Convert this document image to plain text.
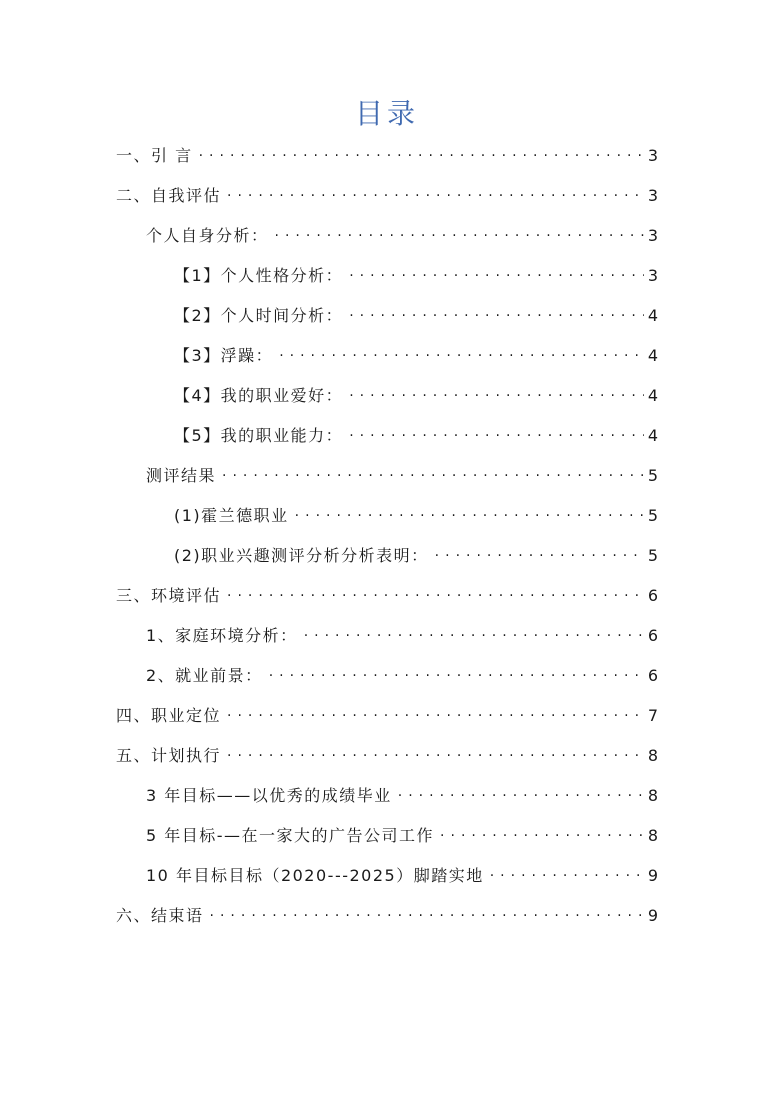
目录
一、引 言 ·····	3
二、自我评估 ·····	3
个人自身分析： ·····	3
【1】个人性格分析： ·····	3
【2】个人时间分析： ·····	4
【3】浮躁： ·····	4
【4】我的职业爱好： ·····	4
【5】我的职业能力： ·····	4
测评结果 ·····	5
(1)霍兰德职业 ·····	5
(2)职业兴趣测评分析分析表明： ·····	5
三、环境评估 ·····	6
1、家庭环境分析： ·····	6
2、就业前景： ·····	6
四、职业定位 ·····	7
五、计划执行 ·····	8
3 年目标——以优秀的成绩毕业 ·····	8
5 年目标-—在一家大的广告公司工作 ·····	8
10 年目标目标（2020---2025）脚踏实地 ·····	9
六、结束语 ·····	9
